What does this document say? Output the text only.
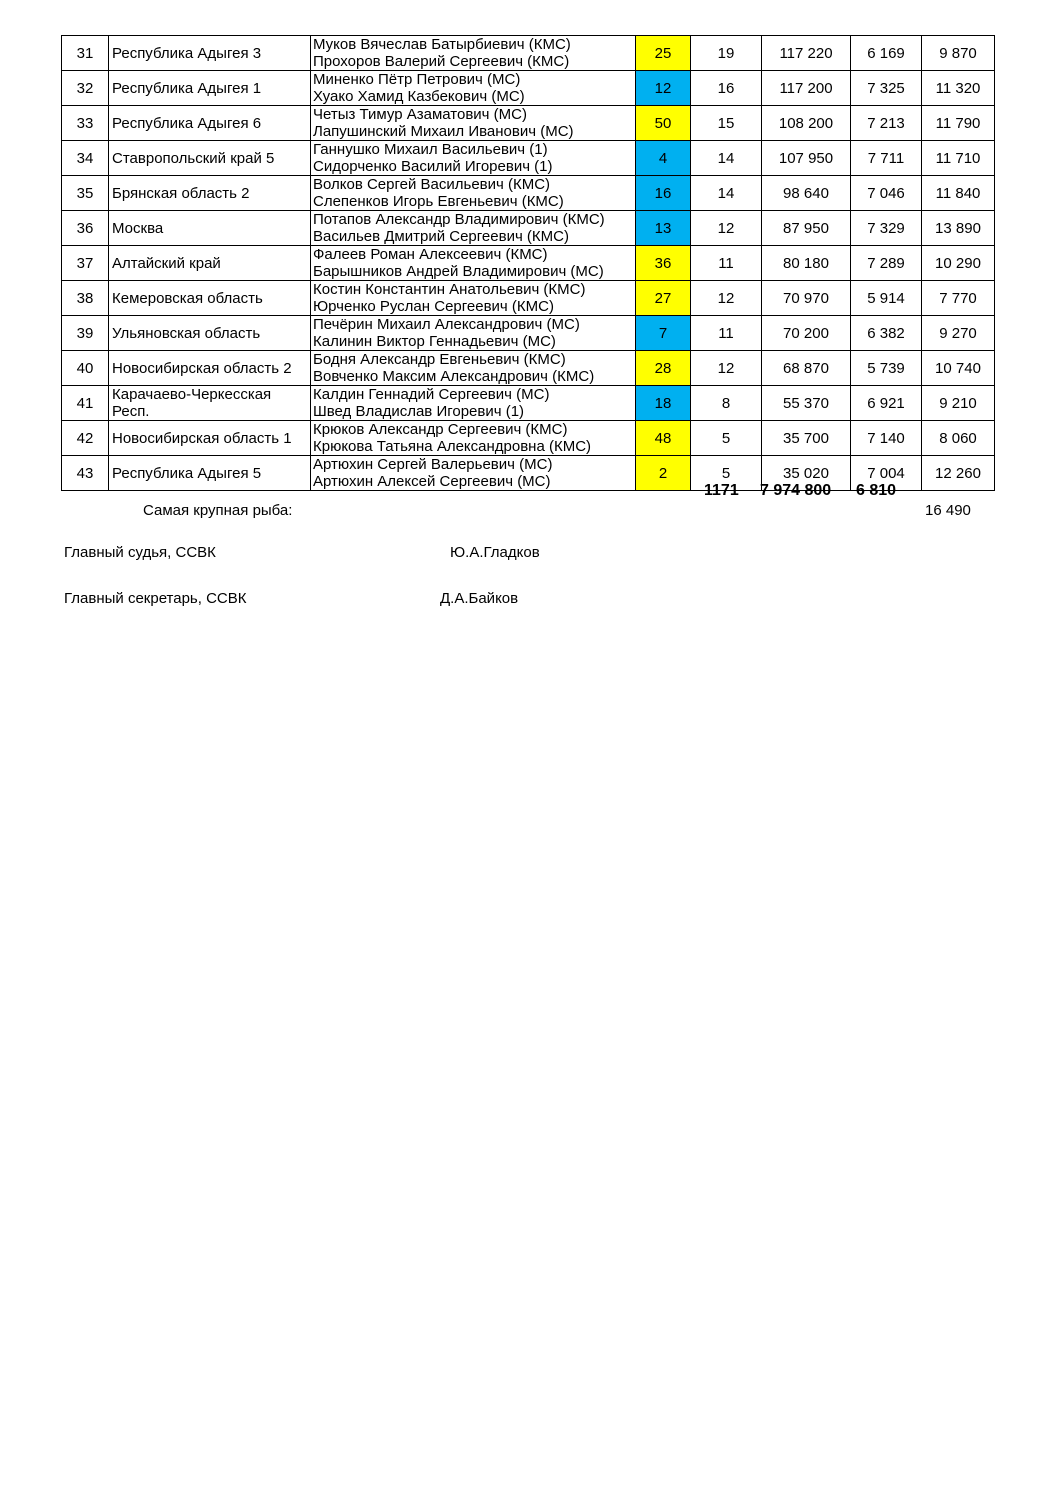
31	Республика Адыгея 3	Муков Вячеслав Батырбиевич (КМС)
Прохоров Валерий Сергеевич (КМС)	25	19	117 220	6 169	9 870
32	Республика Адыгея 1	Миненко Пётр Петрович (МС)
Хуако Хамид Казбекович (МС)	12	16	117 200	7 325	11 320
33	Республика Адыгея 6	Четыз Тимур Азаматович (МС)
Лапушинский Михаил Иванович (МС)	50	15	108 200	7 213	11 790
34	Ставропольский край 5	Ганнушко Михаил Васильевич (1)
Сидорченко Василий Игоревич (1)	4	14	107 950	7 711	11 710
35	Брянская область 2	Волков Сергей Васильевич (КМС)
Слепенков Игорь Евгеньевич (КМС)	16	14	98 640	7 046	11 840
36	Москва	Потапов Александр Владимирович (КМС)
Васильев Дмитрий Сергеевич (КМС)	13	12	87 950	7 329	13 890
37	Алтайский край	Фалеев Роман Алексеевич (КМС)
Барышников Андрей Владимирович (МС)	36	11	80 180	7 289	10 290
38	Кемеровская область	Костин Константин Анатольевич (КМС)
Юрченко Руслан Сергеевич (КМС)	27	12	70 970	5 914	7 770
39	Ульяновская область	Печёрин Михаил Александрович (МС)
Калинин Виктор Геннадьевич (МС)	7	11	70 200	6 382	9 270
40	Новосибирская область 2	Бодня Александр Евгеньевич (КМС)
Вовченко Максим Александрович (КМС)	28	12	68 870	5 739	10 740
41	Карачаево-Черкесская Респ.	Калдин Геннадий Сергеевич (МС)
Швед Владислав Игоревич (1)	18	8	55 370	6 921	9 210
42	Новосибирская область 1	Крюков Александр Сергеевич (КМС)
Крюкова Татьяна Александровна (КМС)	48	5	35 700	7 140	8 060
43	Республика Адыгея 5	Артюхин Сергей Валерьевич (МС)
Артюхин Алексей Сергеевич (МС)	2	5	35 020	7 004	12 260
1171 7 974 800 6 810
Самая крупная рыба:	16 490
Главный судья, ССВК	Ю.А.Гладков
Главный секретарь, ССВК	Д.А.Байков
